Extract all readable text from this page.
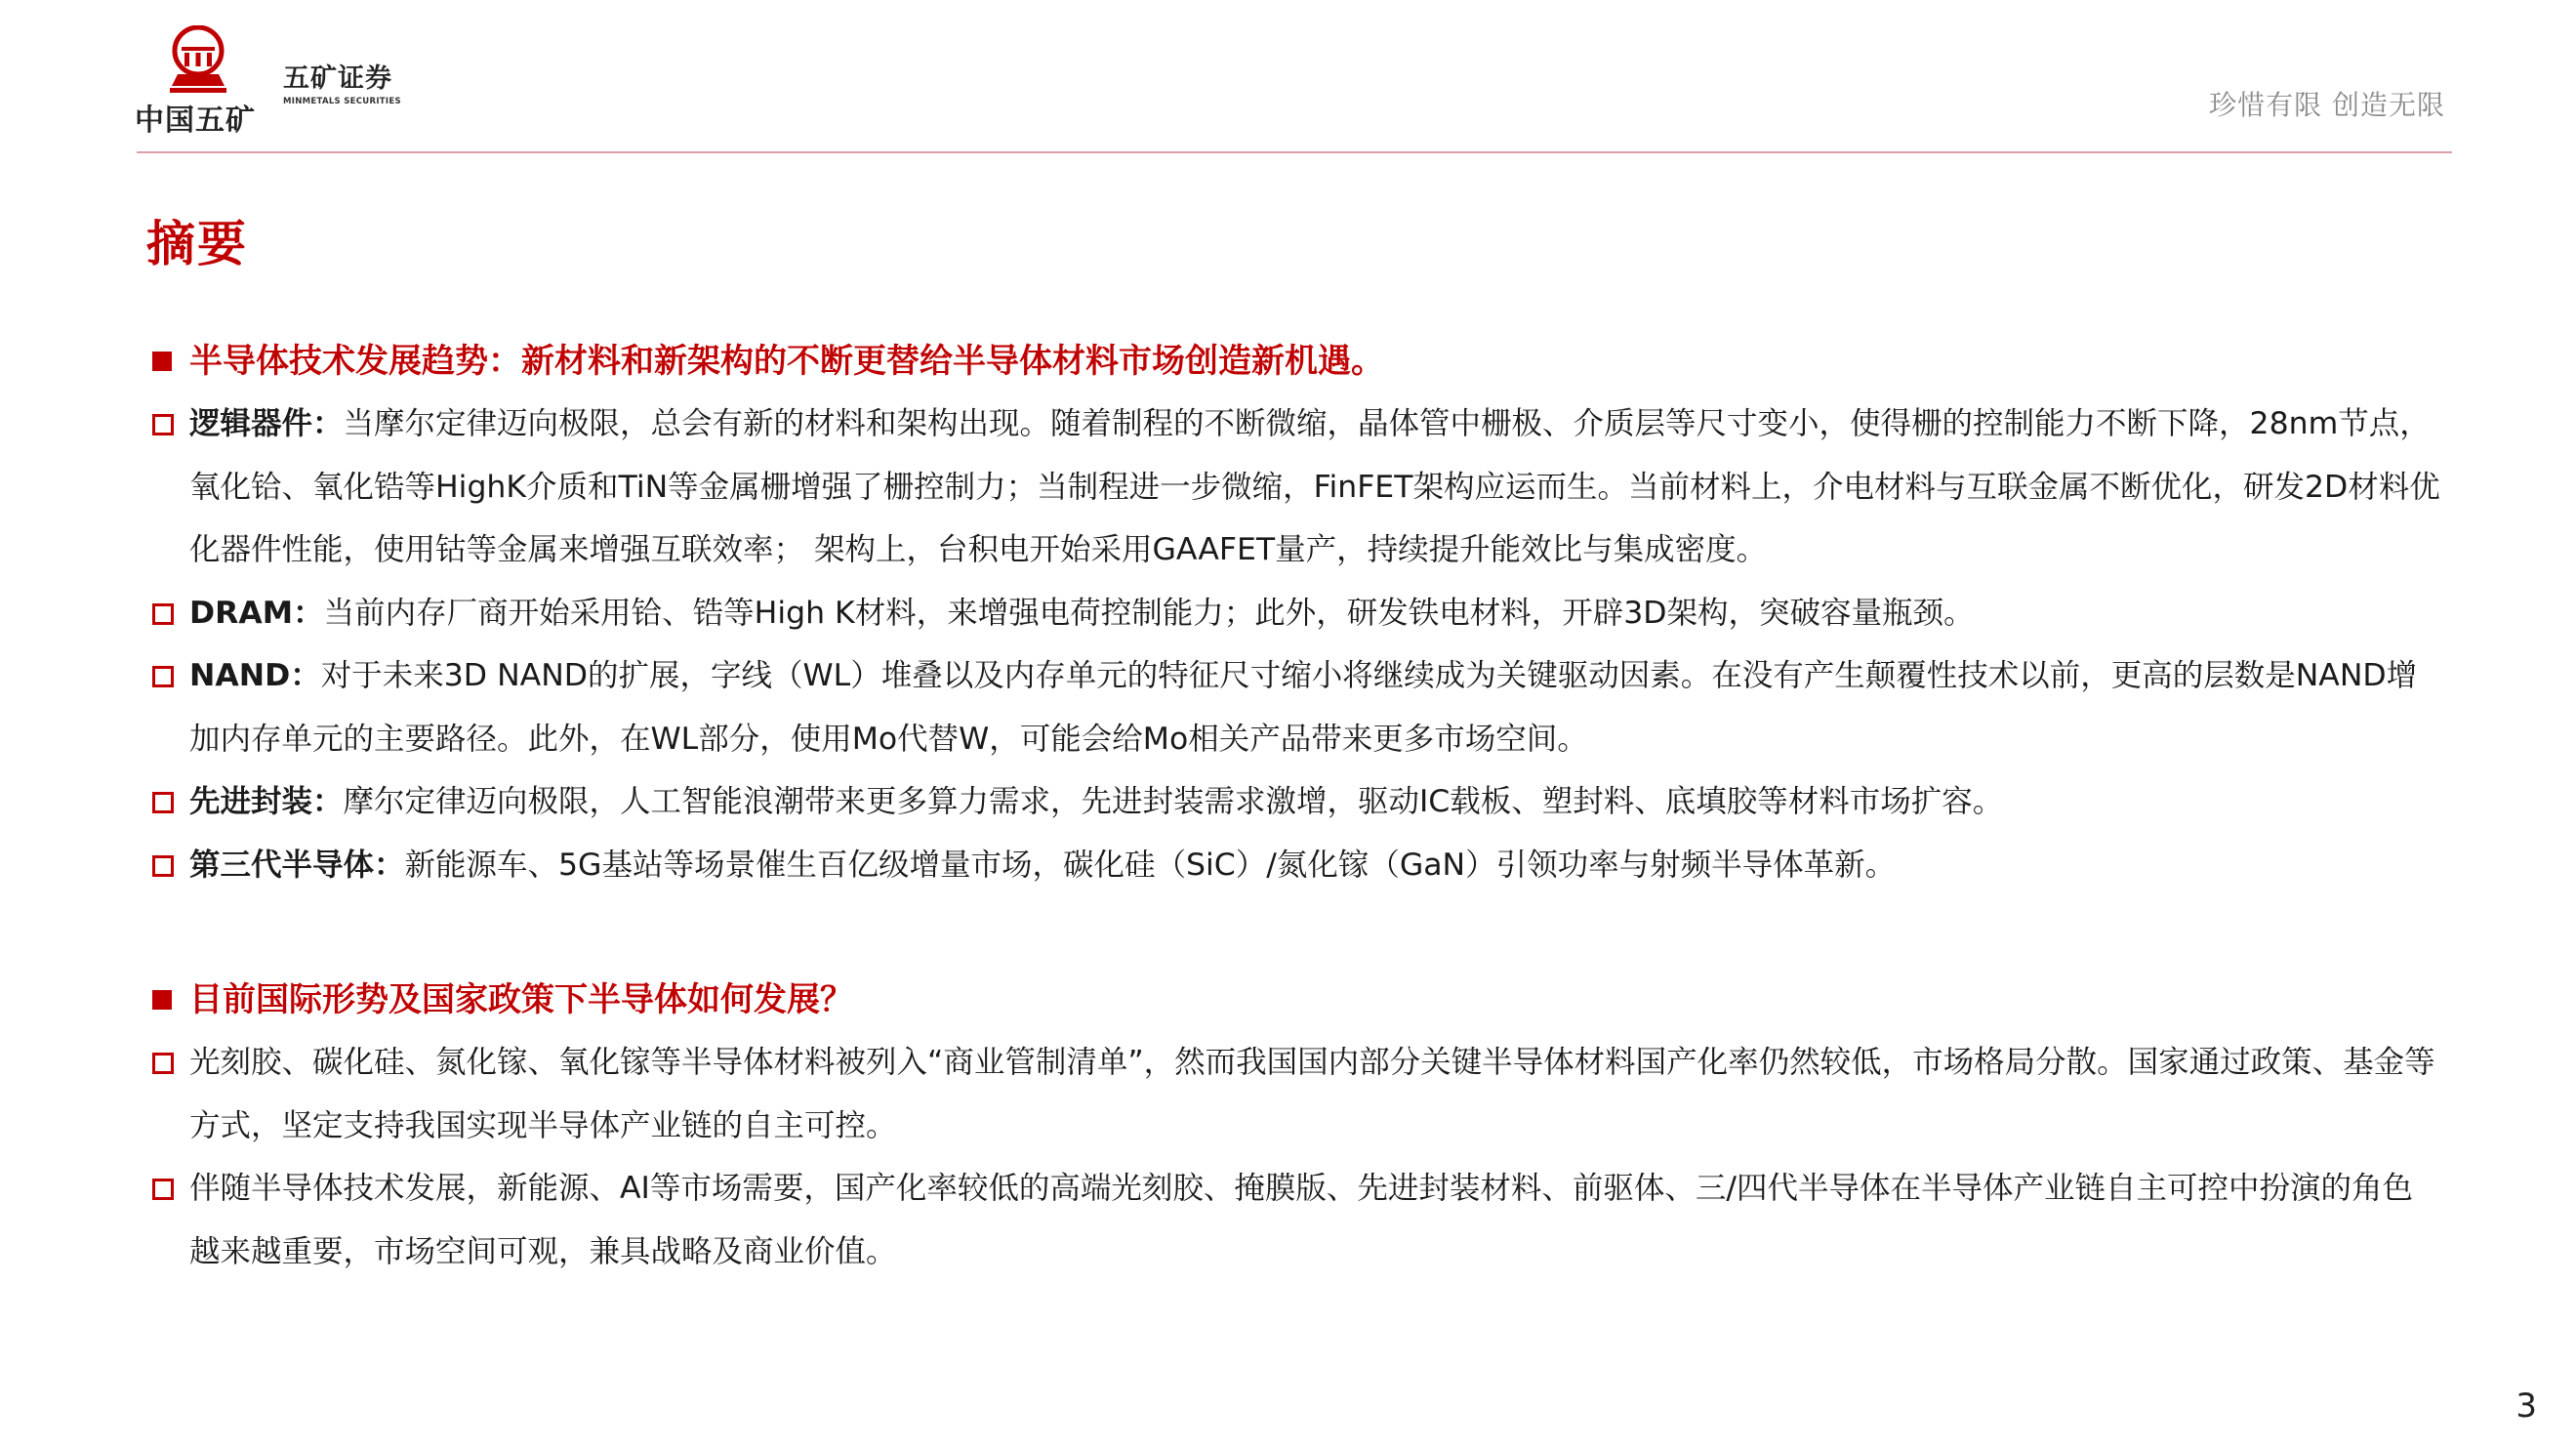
中国五矿
五矿证券
MINMETALS SECURITIES	珍惜有限 创造无限
摘要
半导体技术发展趋势：新材料和新架构的不断更替给半导体材料市场创造新机遇。
逻辑器件：当摩尔定律迈向极限，总会有新的材料和架构出现。随着制程的不断微缩，晶体管中栅极、介质层等尺寸变小，使得栅的控制能力不断下降，28nm节点，氧化铪、氧化锆等HighK介质和TiN等金属栅增强了栅控制力；当制程进一步微缩，FinFET架构应运而生。当前材料上，介电材料与互联金属不断优化，研发2D材料优化器件性能，使用钴等金属来增强互联效率； 架构上，台积电开始采用GAAFET量产，持续提升能效比与集成密度。
DRAM：当前内存厂商开始采用铪、锆等High K材料，来增强电荷控制能力；此外，研发铁电材料，开辟3D架构，突破容量瓶颈。
NAND：对于未来3D NAND的扩展，字线（WL）堆叠以及内存单元的特征尺寸缩小将继续成为关键驱动因素。在没有产生颠覆性技术以前，更高的层数是NAND增加内存单元的主要路径。此外，在WL部分，使用Mo代替W，可能会给Mo相关产品带来更多市场空间。
先进封装：摩尔定律迈向极限，人工智能浪潮带来更多算力需求，先进封装需求激增，驱动IC载板、塑封料、底填胶等材料市场扩容。
第三代半导体：新能源车、5G基站等场景催生百亿级增量市场，碳化硅（SiC）/氮化镓（GaN）引领功率与射频半导体革新。
目前国际形势及国家政策下半导体如何发展？
光刻胶、碳化硅、氮化镓、氧化镓等半导体材料被列入“商业管制清单”，然而我国国内部分关键半导体材料国产化率仍然较低，市场格局分散。国家通过政策、基金等方式，坚定支持我国实现半导体产业链的自主可控。
伴随半导体技术发展，新能源、AI等市场需要，国产化率较低的高端光刻胶、掩膜版、先进封装材料、前驱体、三/四代半导体在半导体产业链自主可控中扮演的角色越来越重要，市场空间可观，兼具战略及商业价值。
3
